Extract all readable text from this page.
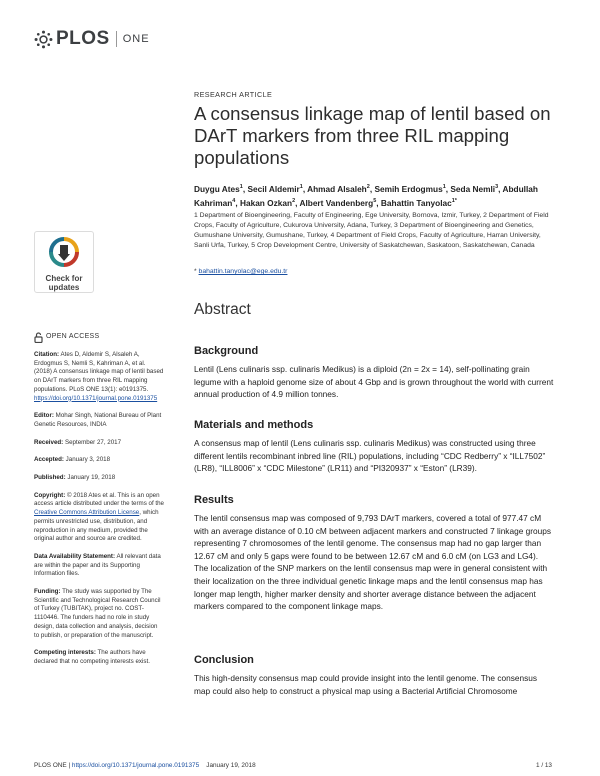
PLOS ONE
Check for
updates
OPEN ACCESS
Citation: Ates D, Aldemir S, Alsaleh A, Erdogmus S, Nemli S, Kahriman A, et al. (2018) A consensus linkage map of lentil based on DArT markers from three RIL mapping populations. PLoS ONE 13(1): e0191375. https://doi.org/10.1371/journal.pone.0191375
Editor: Mohar Singh, National Bureau of Plant Genetic Resources, INDIA
Received: September 27, 2017
Accepted: January 3, 2018
Published: January 19, 2018
Copyright: © 2018 Ates et al. This is an open access article distributed under the terms of the Creative Commons Attribution License, which permits unrestricted use, distribution, and reproduction in any medium, provided the original author and source are credited.
Data Availability Statement: All relevant data are within the paper and its Supporting Information files.
Funding: The study was supported by The Scientific and Technological Research Council of Turkey (TUBITAK), project no. COST-1110446. The funders had no role in study design, data collection and analysis, decision to publish, or preparation of the manuscript.
Competing interests: The authors have declared that no competing interests exist.
RESEARCH ARTICLE
A consensus linkage map of lentil based on DArT markers from three RIL mapping populations
Duygu Ates$^1$, Secil Aldemir$^1$, Ahmad Alsaleh$^2$, Semih Erdogmus$^1$, Seda Nemli$^3$, Abdullah Kahriman$^4$, Hakan Ozkan$^2$, Albert Vandenberg$^5$, Bahattin Tanyolac$^{1*}$
1 Department of Bioengineering, Faculty of Engineering, Ege University, Bornova, Izmir, Turkey, 2 Department of Field Crops, Faculty of Agriculture, Cukurova University, Adana, Turkey, 3 Department of Bioengineering and Genetics, Gumushane University, Gumushane, Turkey, 4 Department of Field Crops, Faculty of Agriculture, Harran University, Sanli Urfa, Turkey, 5 Crop Development Centre, University of Saskatchewan, Saskatoon, Saskatchewan, Canada
* bahattin.tanyolac@ege.edu.tr
Abstract
Background
Lentil (Lens culinaris ssp. culinaris Medikus) is a diploid (2n = 2x = 14), self-pollinating grain legume with a haploid genome size of about 4 Gbp and is grown throughout the world with current annual production of 4.9 million tonnes.
Materials and methods
A consensus map of lentil (Lens culinaris ssp. culinaris Medikus) was constructed using three different lentils recombinant inbred line (RIL) populations, including “CDC Redberry” x “ILL7502” (LR8), “ILL8006” x “CDC Milestone” (LR11) and “PI320937” x “Eston” (LR39).
Results
The lentil consensus map was composed of 9,793 DArT markers, covered a total of 977.47 cM with an average distance of 0.10 cM between adjacent markers and constructed 7 linkage groups representing 7 chromosomes of the lentil genome. The consensus map had no gap larger than 12.67 cM and only 5 gaps were found to be between 12.67 cM and 6.0 cM (on LG3 and LG4). The localization of the SNP markers on the lentil consensus map were in general consistent with their localization on the three individual genetic linkage maps and the lentil consensus map has longer map length, higher marker density and shorter average distance between the adjacent markers compared to the component linkage maps.
Conclusion
This high-density consensus map could provide insight into the lentil genome. The consensus map could also help to construct a physical map using a Bacterial Artificial Chromosome
PLOS ONE | https://doi.org/10.1371/journal.pone.0191375 January 19, 2018	1 / 13
